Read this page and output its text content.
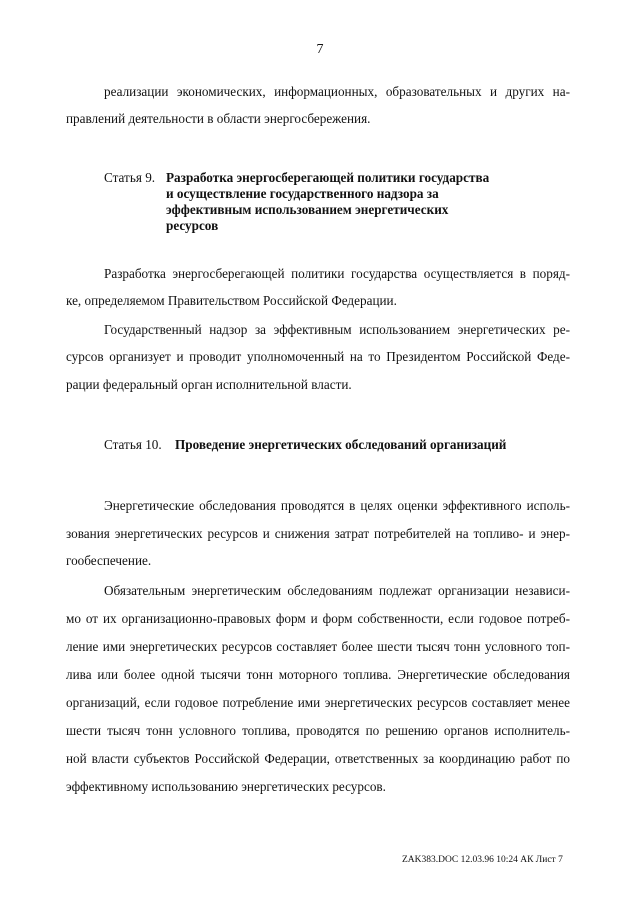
7
реализации экономических, информационных, образовательных и других на-
правлений деятельности в области энергосбережения.
Статья 9. Разработка энергосберегающей политики государства
и осуществление государственного надзора за
эффективным использованием энергетических
ресурсов
Разработка энергосберегающей политики государства осуществляется в поряд-
ке, определяемом Правительством Российской Федерации.
Государственный надзор за эффективным использованием энергетических ре-
сурсов организует и проводит уполномоченный на то Президентом Российской Феде-
рации федеральный орган исполнительной власти.
Статья 10. Проведение энергетических обследований организаций
Энергетические обследования проводятся в целях оценки эффективного исполь-
зования энергетических ресурсов и снижения затрат потребителей на топливо- и энер-
гообеспечение.
Обязательным энергетическим обследованиям подлежат организации независи-
мо от их организационно-правовых форм и форм собственности, если годовое потреб-
ление ими энергетических ресурсов составляет более шести тысяч тонн условного топ-
лива или более одной тысячи тонн моторного топлива. Энергетические обследования
организаций, если годовое потребление ими энергетических ресурсов составляет менее
шести тысяч тонн условного топлива, проводятся по решению органов исполнитель-
ной власти субъектов Российской Федерации, ответственных за координацию работ по
эффективному использованию энергетических ресурсов.
ZAK383.DOC 12.03.96 10:24 АК Лист 7
